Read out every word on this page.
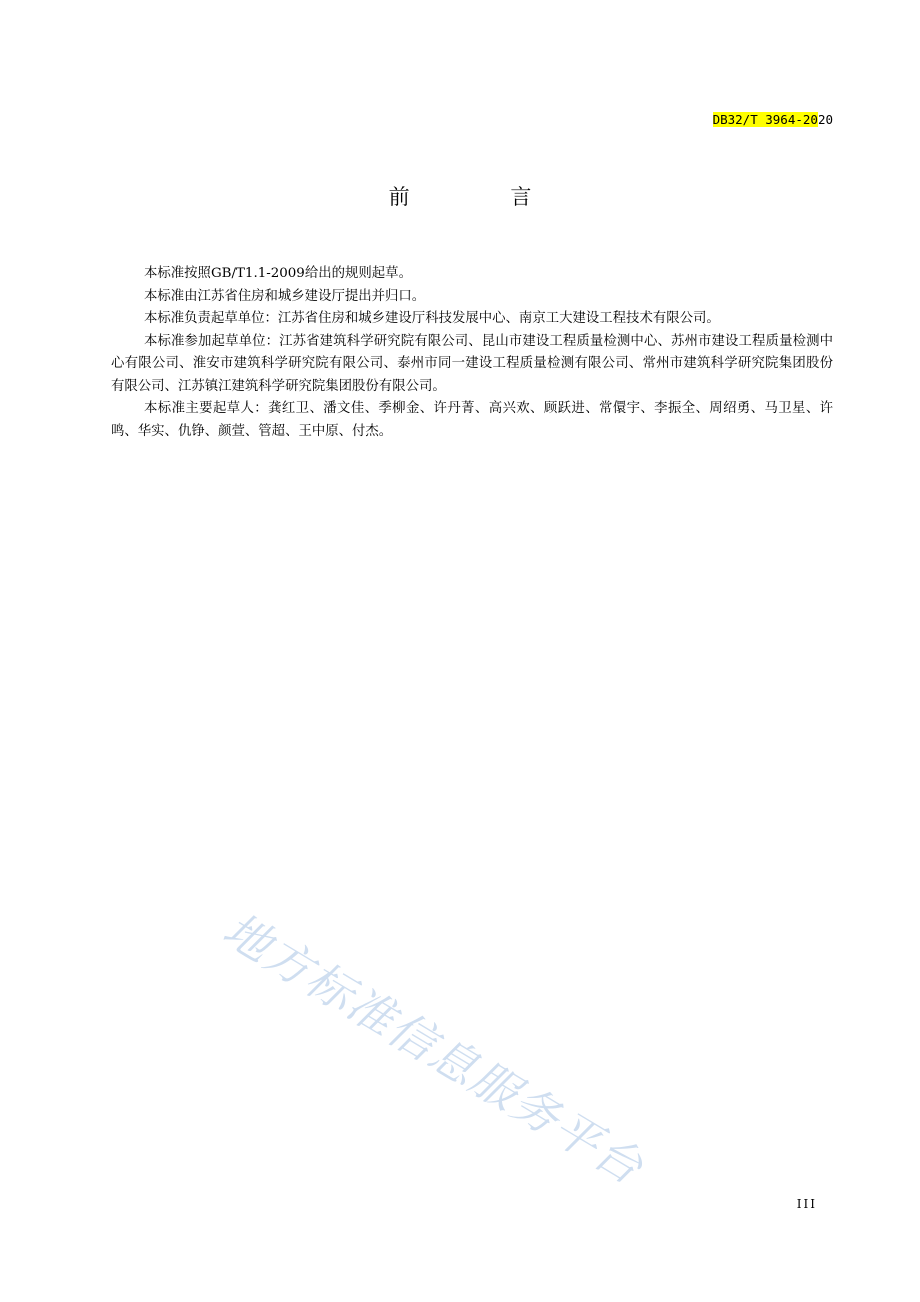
DB32/T 3964-2020
前 言

本标准按照GB/T1.1-2009给出的规则起草。

本标准由江苏省住房和城乡建设厅提出并归口。

本标准负责起草单位：江苏省住房和城乡建设厅科技发展中心、南京工大建设工程技术有限公司。

本标准参加起草单位：江苏省建筑科学研究院有限公司、昆山市建设工程质量检测中心、苏州市建设工程质量检测中心有限公司、淮安市建筑科学研究院有限公司、泰州市同一建设工程质量检测有限公司、常州市建筑科学研究院集团股份有限公司、江苏镇江建筑科学研究院集团股份有限公司。

本标准主要起草人：龚红卫、潘文佳、季柳金、许丹菁、高兴欢、顾跃进、常儇宇、李振全、周绍勇、马卫星、许鸣、华实、仇铮、颜萱、管超、王中原、付杰。

地方标准信息服务平台
III
